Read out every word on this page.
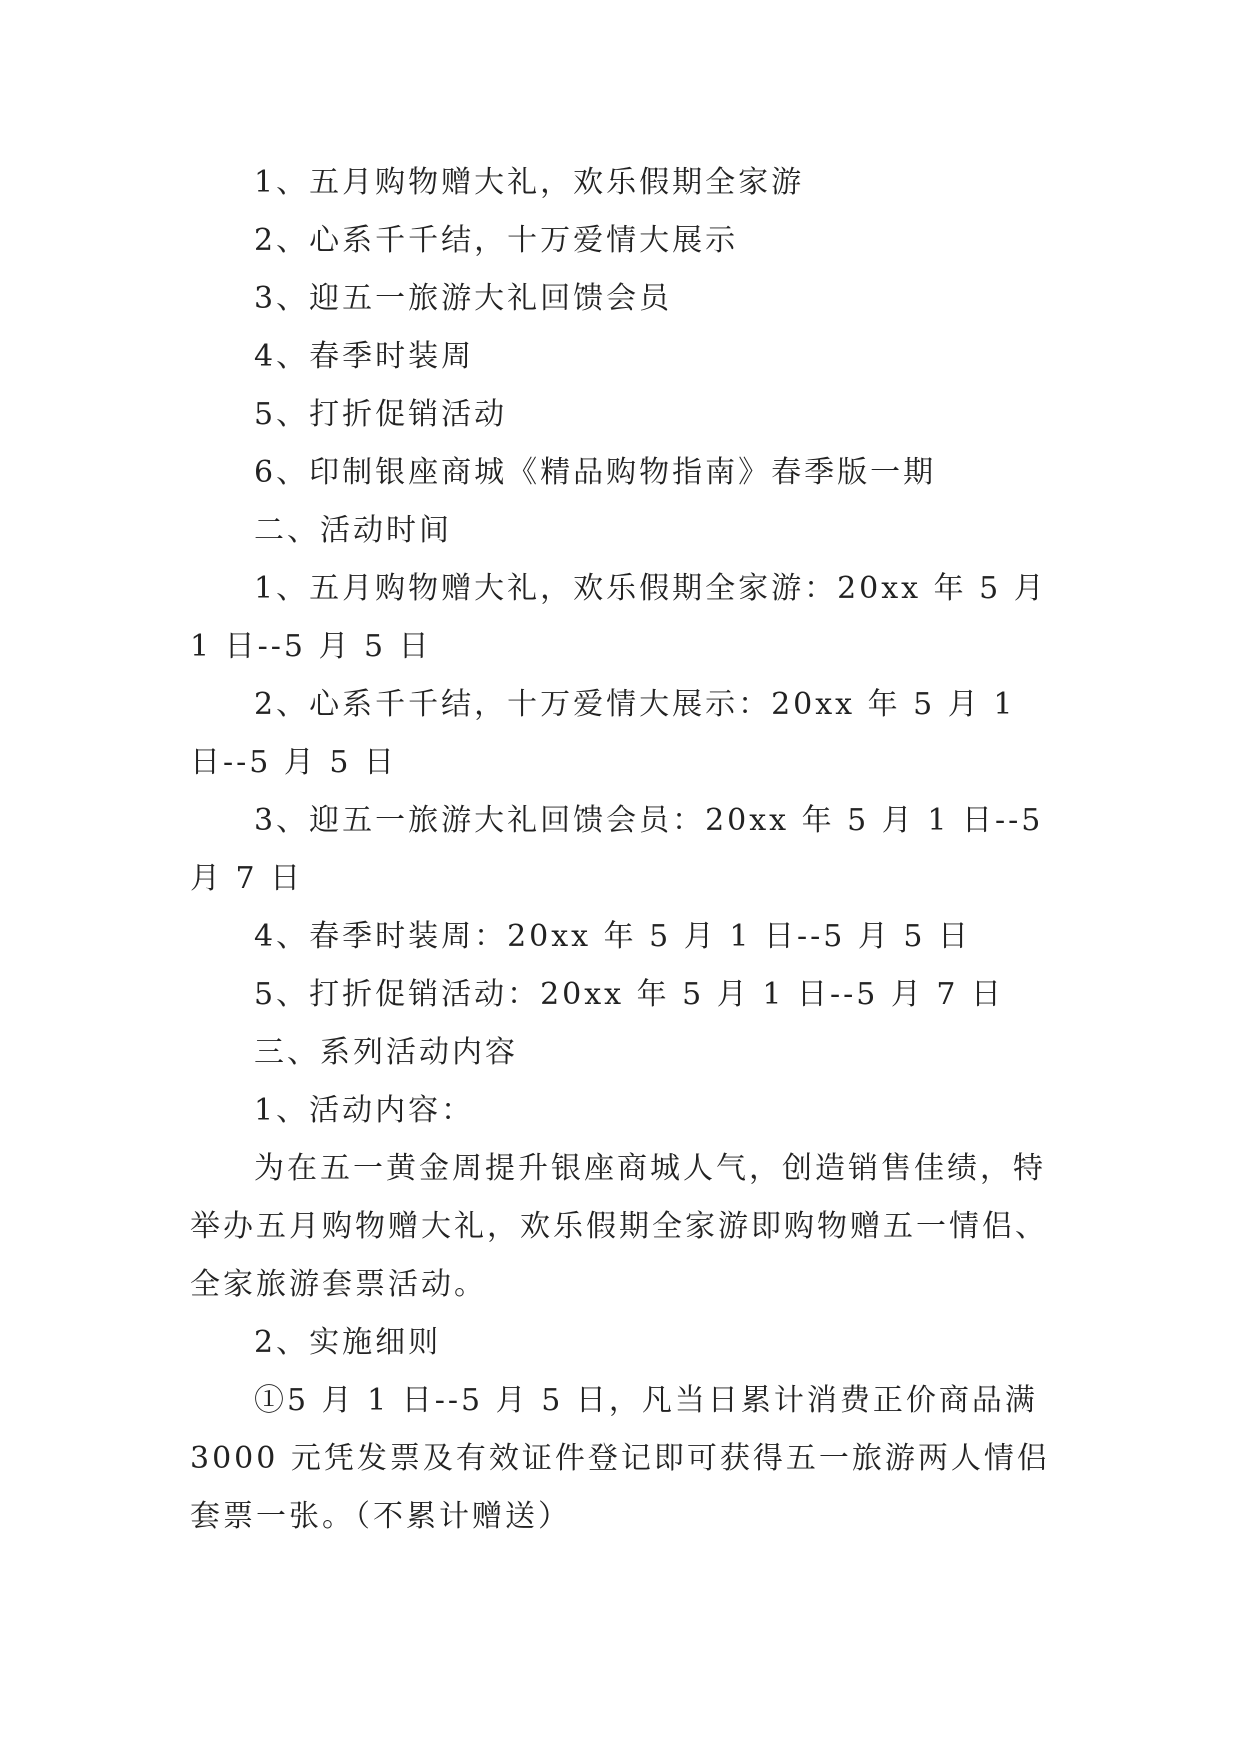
1、五月购物赠大礼，欢乐假期全家游

2、心系千千结，十万爱情大展示

3、迎五一旅游大礼回馈会员

4、春季时装周

5、打折促销活动

6、印制银座商城《精品购物指南》春季版一期

二、活动时间

1、五月购物赠大礼，欢乐假期全家游：20xx 年 5 月 1 日--5 月 5 日

2、心系千千结，十万爱情大展示：20xx 年 5 月 1 日--5 月 5 日

3、迎五一旅游大礼回馈会员：20xx 年 5 月 1 日--5 月 7 日

4、春季时装周：20xx 年 5 月 1 日--5 月 5 日

5、打折促销活动：20xx 年 5 月 1 日--5 月 7 日

三、系列活动内容

1、活动内容：

为在五一黄金周提升银座商城人气，创造销售佳绩，特举办五月购物赠大礼，欢乐假期全家游即购物赠五一情侣、全家旅游套票活动。

2、实施细则

①5 月 1 日--5 月 5 日，凡当日累计消费正价商品满 3000 元凭发票及有效证件登记即可获得五一旅游两人情侣套票一张。（不累计赠送）
